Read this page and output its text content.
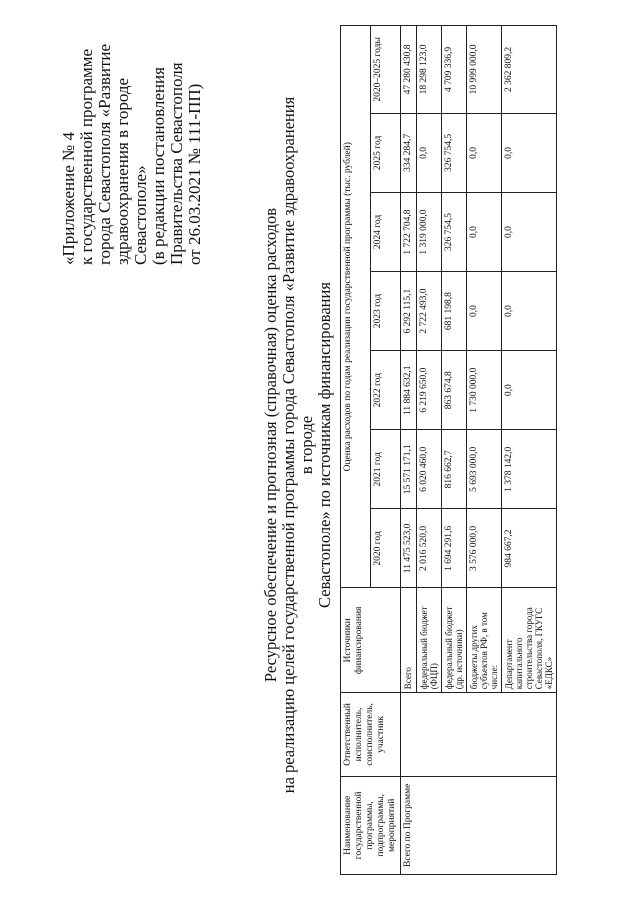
«Приложение № 4 к государственной программе города Севастополя «Развитие здравоохранения в городе Севастополе» (в редакции постановления Правительства Севастополя от 26.03.2021 № 111-ПП)
Ресурсное обеспечение и прогнозная (справочная) оценка расходов на реализацию целей государственной программы города Севастополя «Развитие здравоохранения в городе Севастополе» по источникам финансирования
Наименование государственной программы, подпрограммы, мероприятий	Ответственный исполнитель, соисполнитель, участник	Источники финансирования	Оценка расходов по годам реализации государственной программы (тыс. рублей)						
			2020 год	2021 год	2022 год	2023 год	2024 год	2025 год	2020–2025 годы
Всего по Программе		Всего	11 475 523,0	15 571 171,1	11 884 632,1	6 292 115,1	1 722 704,8	334 284,7	47 280 430,8
		федеральный бюджет (ФЦП)	2 016 520,0	6 020 460,0	6 219 650,0	2 722 493,0	1 319 000,0	0,0	18 298 123,0
		федеральный бюджет (др. источники)	1 694 291,6	816 662,7	863 674,8	681 198,8	326 754,5	326 754,5	4 709 336,9
		бюджеты других субъектов РФ, в том числе:	3 576 000,0	5 693 000,0	1 730 000,0	0,0	0,0	0,0	10 999 000,0
		Департамент капитального строительства города Севастополя, ГКУГС «ЕДКС»	984 667,2	1 378 142,0	0,0	0,0	0,0	0,0	2 362 809,2
